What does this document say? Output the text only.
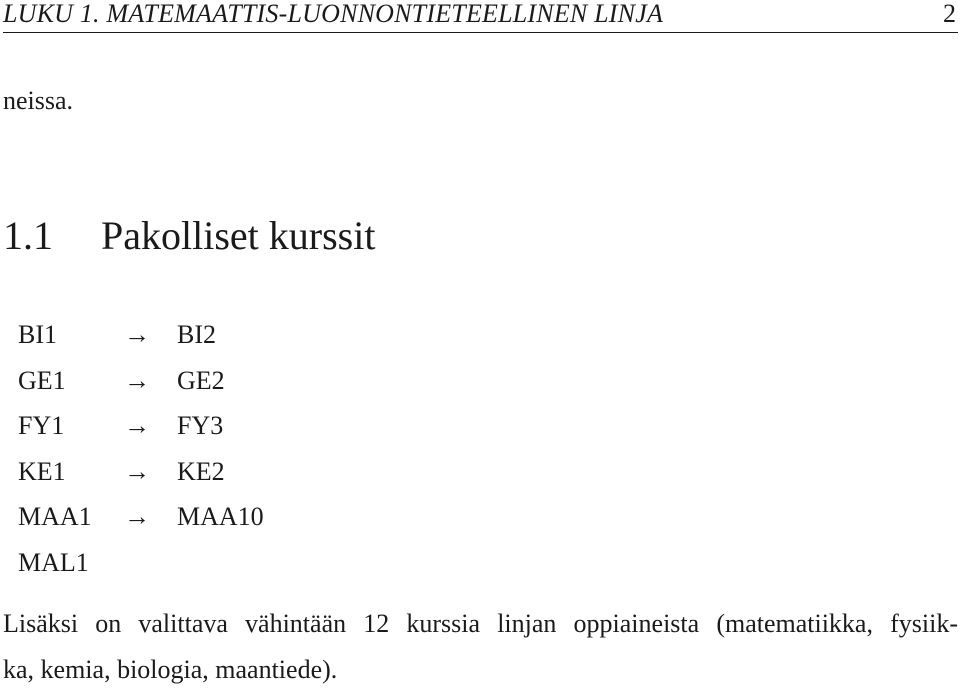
LUKU 1. MATEMAATTIS-LUONNONTIETEELLINEN LINJA	2
neissa.
1.1 Pakolliset kurssit
BI1	→ BI2
GE1 → GE2
FY1 → FY3
KE1 → KE2
MAA1 → MAA10
MAL1
Lisäksi on valittava vähintään 12 kurssia linjan oppiaineista (matematiikka, fysiik-
ka, kemia, biologia, maantiede).
